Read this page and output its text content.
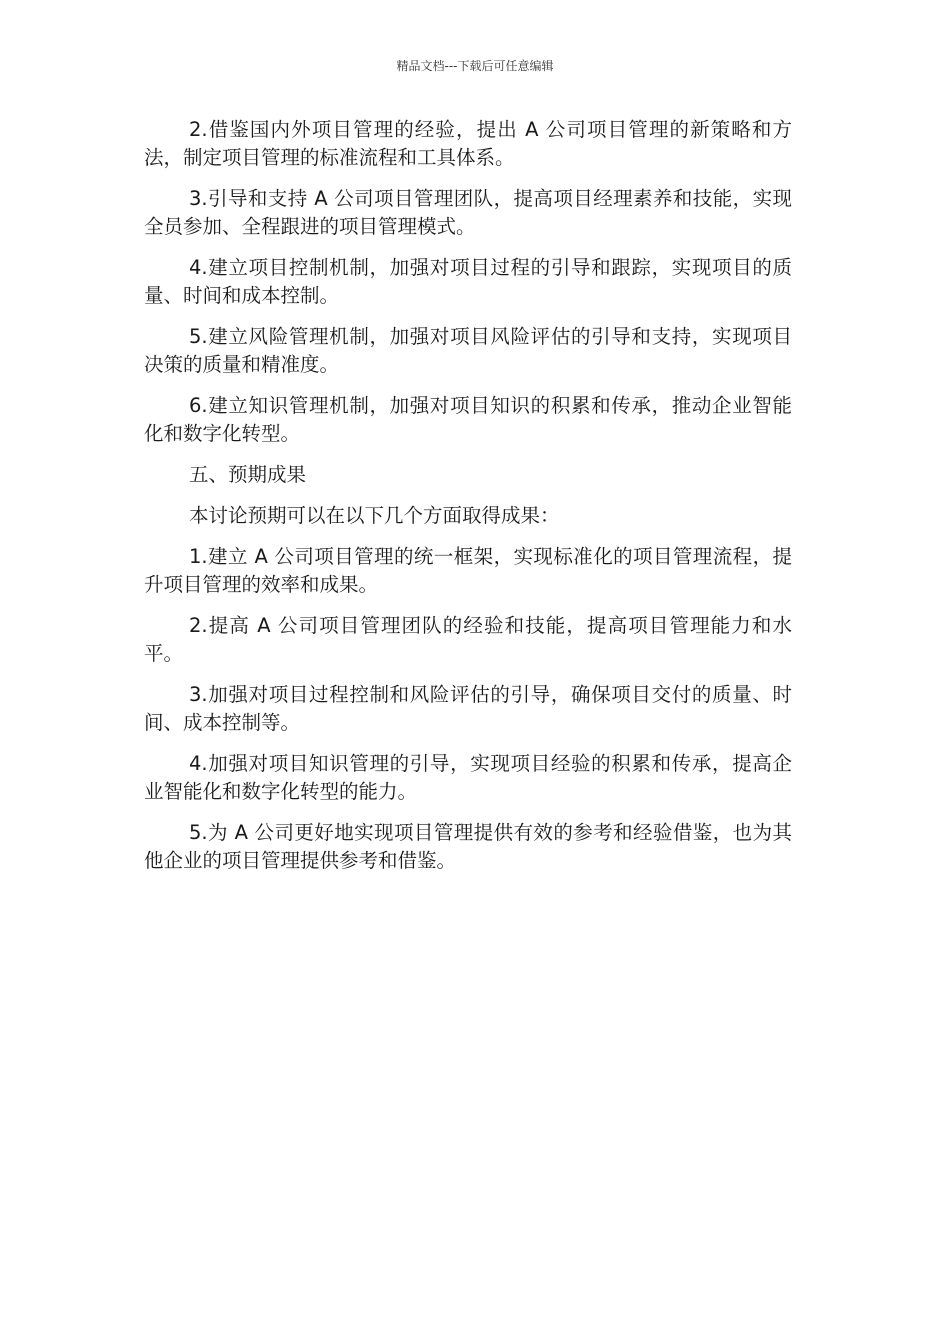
精品文档---下载后可任意编辑

2.借鉴国内外项目管理的经验，提出 A 公司项目管理的新策略和方法，制定项目管理的标准流程和工具体系。

3.引导和支持 A 公司项目管理团队，提高项目经理素养和技能，实现全员参加、全程跟进的项目管理模式。

4.建立项目控制机制，加强对项目过程的引导和跟踪，实现项目的质量、时间和成本控制。

5.建立风险管理机制，加强对项目风险评估的引导和支持，实现项目决策的质量和精准度。

6.建立知识管理机制，加强对项目知识的积累和传承，推动企业智能化和数字化转型。

五、预期成果

本讨论预期可以在以下几个方面取得成果：

1.建立 A 公司项目管理的统一框架，实现标准化的项目管理流程，提升项目管理的效率和成果。

2.提高 A 公司项目管理团队的经验和技能，提高项目管理能力和水平。

3.加强对项目过程控制和风险评估的引导，确保项目交付的质量、时间、成本控制等。

4.加强对项目知识管理的引导，实现项目经验的积累和传承，提高企业智能化和数字化转型的能力。

5.为 A 公司更好地实现项目管理提供有效的参考和经验借鉴，也为其他企业的项目管理提供参考和借鉴。
